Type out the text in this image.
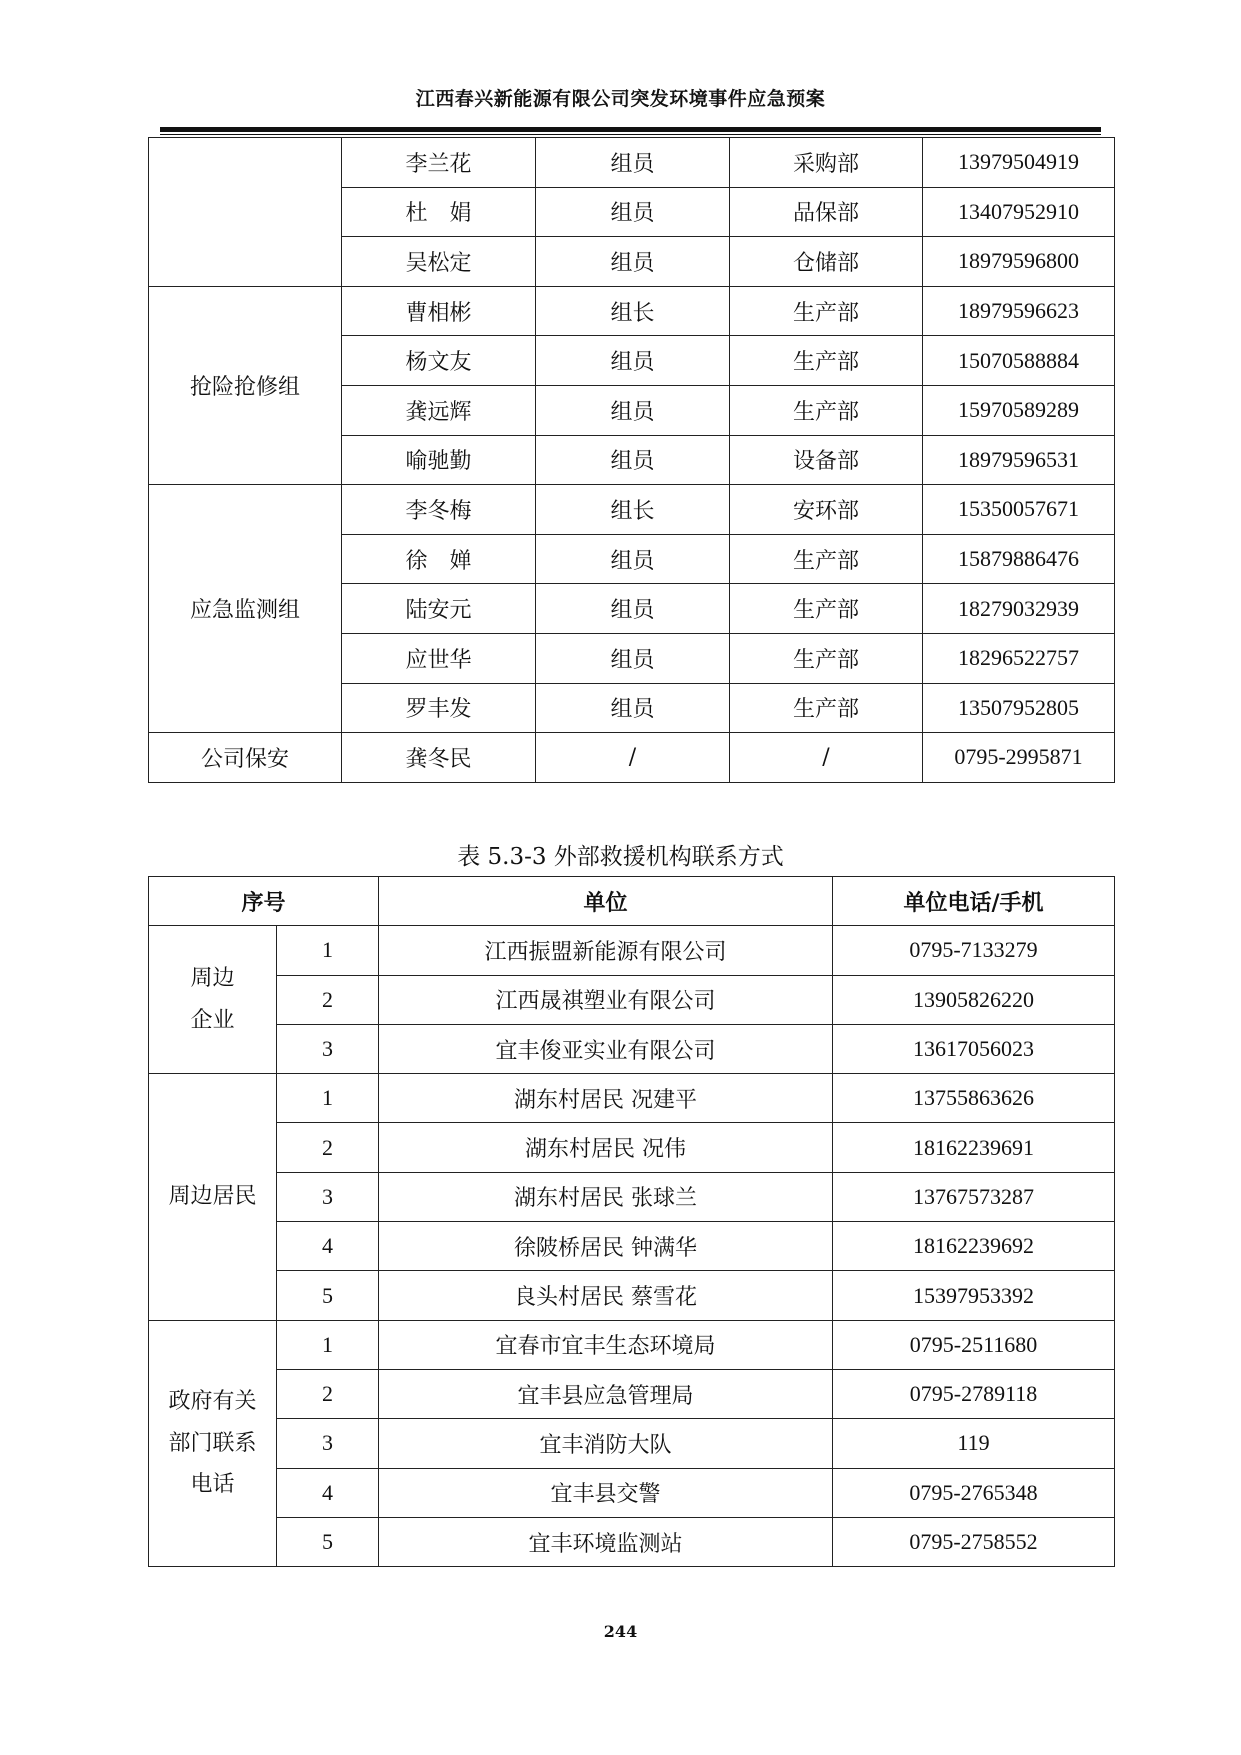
江西春兴新能源有限公司突发环境事件应急预案
	李兰花	组员	采购部	13979504919
	杜　娟	组员	品保部	13407952910
	吴松定	组员	仓储部	18979596800
抢险抢修组	曹相彬	组长	生产部	18979596623
	杨文友	组员	生产部	15070588884
	龚远辉	组员	生产部	15970589289
	喻驰勤	组员	设备部	18979596531
应急监测组	李冬梅	组长	安环部	15350057671
	徐　婵	组员	生产部	15879886476
	陆安元	组员	生产部	18279032939
	应世华	组员	生产部	18296522757
	罗丰发	组员	生产部	13507952805
公司保安	龚冬民	/	/	0795-2995871
表 5.3-3 外部救援机构联系方式
序号		单位	单位电话/手机
周边
企业	1	江西振盟新能源有限公司	0795-7133279
	2	江西晟祺塑业有限公司	13905826220
	3	宜丰俊亚实业有限公司	13617056023
周边居民	1	湖东村居民 况建平	13755863626
	2	湖东村居民 况伟	18162239691
	3	湖东村居民 张球兰	13767573287
	4	徐陂桥居民 钟满华	18162239692
	5	良头村居民 蔡雪花	15397953392
政府有关
部门联系
电话	1	宜春市宜丰生态环境局	0795-2511680
	2	宜丰县应急管理局	0795-2789118
	3	宜丰消防大队	119
	4	宜丰县交警	0795-2765348
	5	宜丰环境监测站	0795-2758552
244
